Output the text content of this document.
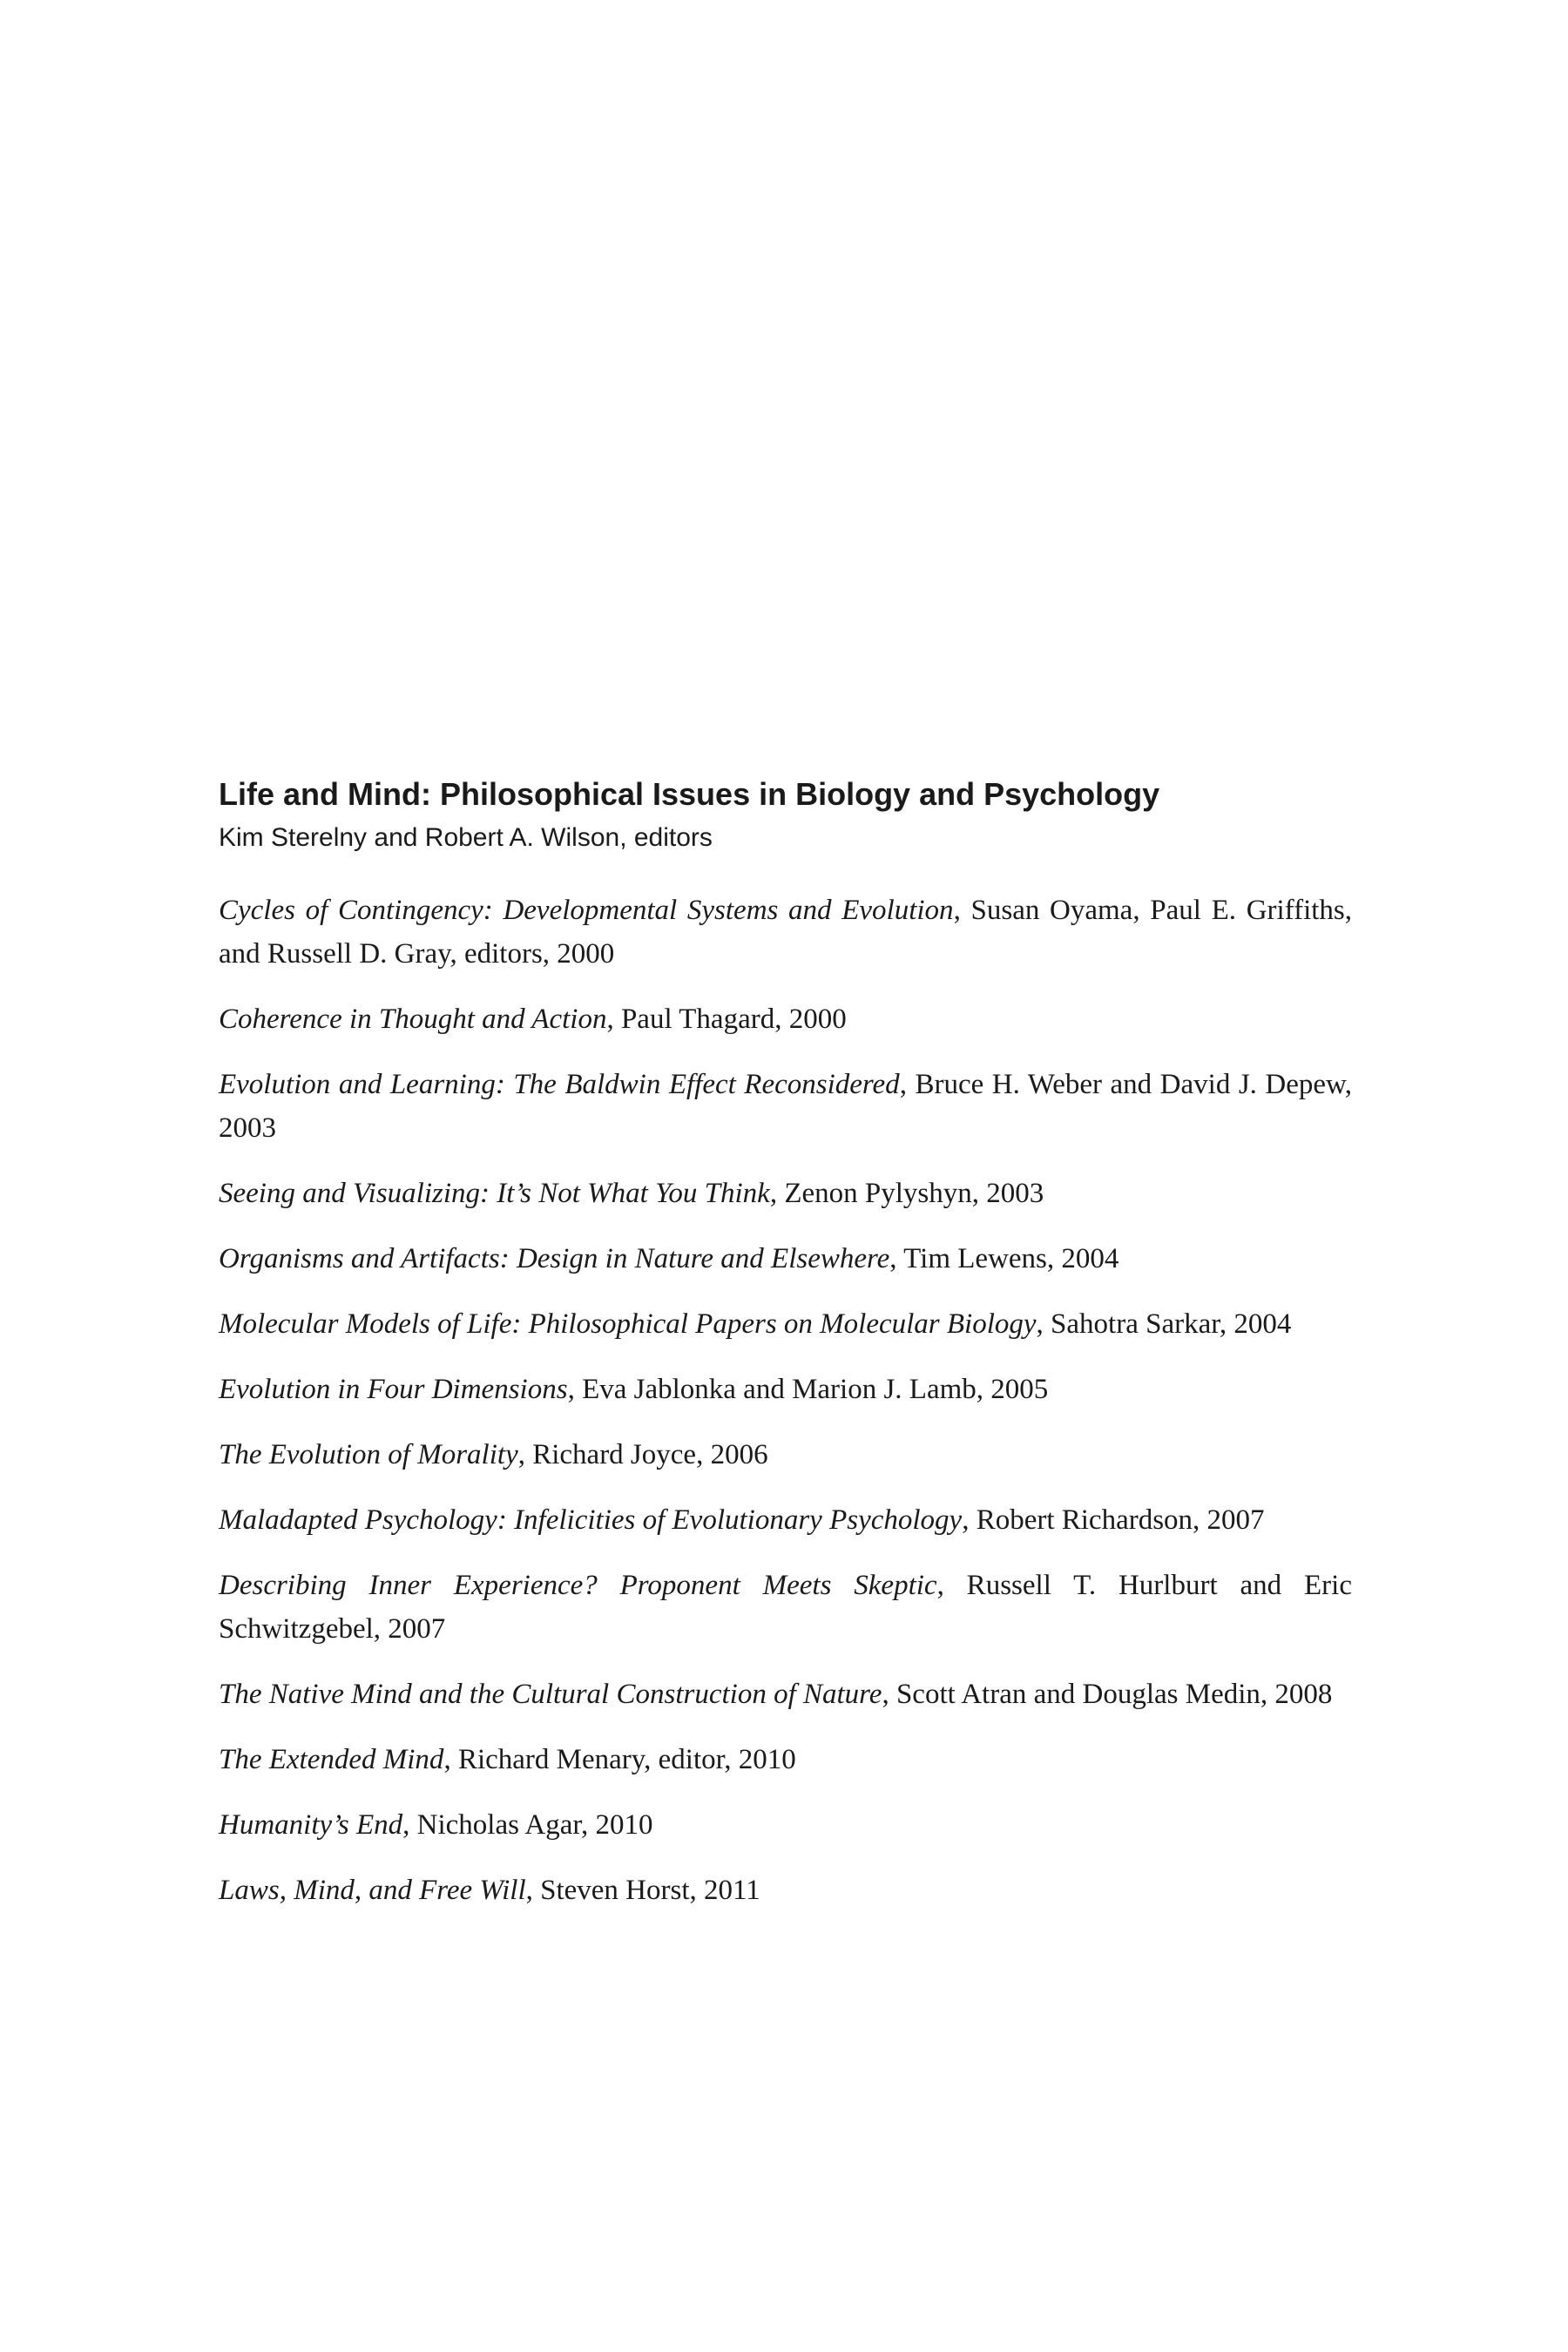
Life and Mind: Philosophical Issues in Biology and Psychology

Kim Sterelny and Robert A. Wilson, editors

Cycles of Contingency: Developmental Systems and Evolution, Susan Oyama, Paul E. Griffiths, and Russell D. Gray, editors, 2000
Coherence in Thought and Action, Paul Thagard, 2000
Evolution and Learning: The Baldwin Effect Reconsidered, Bruce H. Weber and David J. Depew, 2003
Seeing and Visualizing: It’s Not What You Think, Zenon Pylyshyn, 2003
Organisms and Artifacts: Design in Nature and Elsewhere, Tim Lewens, 2004
Molecular Models of Life: Philosophical Papers on Molecular Biology, Sahotra Sarkar, 2004
Evolution in Four Dimensions, Eva Jablonka and Marion J. Lamb, 2005
The Evolution of Morality, Richard Joyce, 2006
Maladapted Psychology: Infelicities of Evolutionary Psychology, Robert Richardson, 2007
Describing Inner Experience? Proponent Meets Skeptic, Russell T. Hurlburt and Eric Schwitzgebel, 2007
The Native Mind and the Cultural Construction of Nature, Scott Atran and Douglas Medin, 2008
The Extended Mind, Richard Menary, editor, 2010
Humanity’s End, Nicholas Agar, 2010
Laws, Mind, and Free Will, Steven Horst, 2011
